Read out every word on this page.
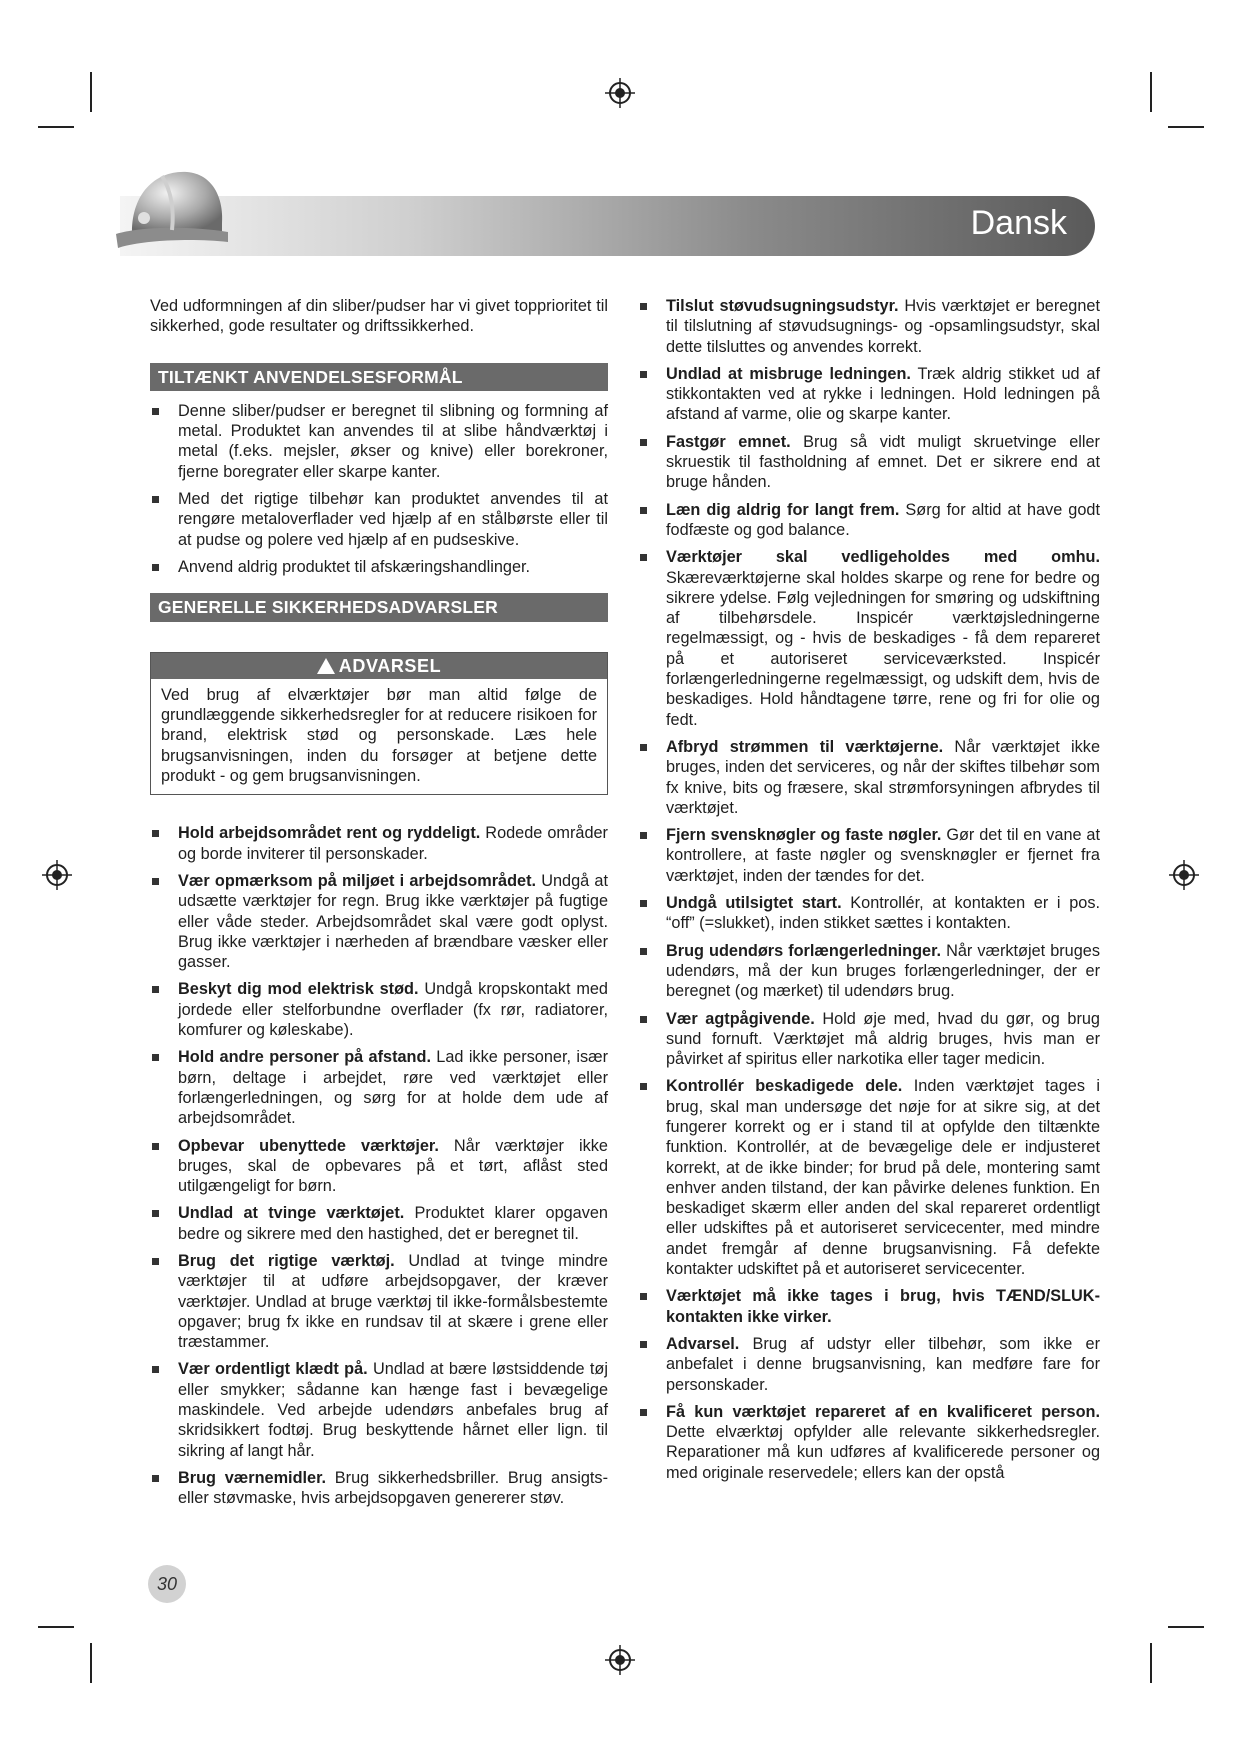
Dansk

Ved udformningen af din sliber/pudser har vi givet topprioritet til sikkerhed, gode resultater og driftssikkerhed.

TILTÆNKT ANVENDELSESFORMÅL
Denne sliber/pudser er beregnet til slibning og formning af metal. Produktet kan anvendes til at slibe håndværktøj i metal (f.eks. mejsler, økser og knive) eller borekroner, fjerne boregrater eller skarpe kanter.
Med det rigtige tilbehør kan produktet anvendes til at rengøre metaloverflader ved hjælp af en stålbørste eller til at pudse og polere ved hjælp af en pudseskive.
Anvend aldrig produktet til afskæringshandlinger.
GENERELLE SIKKERHEDSADVARSLER
ADVARSEL
Ved brug af elværktøjer bør man altid følge de grundlæggende sikkerhedsregler for at reducere risikoen for brand, elektrisk stød og personskade. Læs hele brugsanvisningen, inden du forsøger at betjene dette produkt - og gem brugsanvisningen.
Hold arbejdsområdet rent og ryddeligt. Rodede områder og borde inviterer til personskader.
Vær opmærksom på miljøet i arbejdsområdet. Undgå at udsætte værktøjer for regn. Brug ikke værktøjer på fugtige eller våde steder. Arbejdsområdet skal være godt oplyst. Brug ikke værktøjer i nærheden af brændbare væsker eller gasser.
Beskyt dig mod elektrisk stød. Undgå kropskontakt med jordede eller stelforbundne overflader (fx rør, radiatorer, komfurer og køleskabe).
Hold andre personer på afstand. Lad ikke personer, især børn, deltage i arbejdet, røre ved værktøjet eller forlængerledningen, og sørg for at holde dem ude af arbejdsområdet.
Opbevar ubenyttede værktøjer. Når værktøjer ikke bruges, skal de opbevares på et tørt, aflåst sted utilgængeligt for børn.
Undlad at tvinge værktøjet. Produktet klarer opgaven bedre og sikrere med den hastighed, det er beregnet til.
Brug det rigtige værktøj. Undlad at tvinge mindre værktøjer til at udføre arbejdsopgaver, der kræver værktøjer. Undlad at bruge værktøj til ikke-formålsbestemte opgaver; brug fx ikke en rundsav til at skære i grene eller træstammer.
Vær ordentligt klædt på. Undlad at bære løstsiddende tøj eller smykker; sådanne kan hænge fast i bevægelige maskindele. Ved arbejde udendørs anbefales brug af skridsikkert fodtøj. Brug beskyttende hårnet eller lign. til sikring af langt hår.
Brug værnemidler. Brug sikkerhedsbriller. Brug ansigts- eller støvmaske, hvis arbejdsopgaven genererer støv.
Tilslut støvudsugningsudstyr. Hvis værktøjet er beregnet til tilslutning af støvudsugnings- og -opsamlingsudstyr, skal dette tilsluttes og anvendes korrekt.
Undlad at misbruge ledningen. Træk aldrig stikket ud af stikkontakten ved at rykke i ledningen. Hold ledningen på afstand af varme, olie og skarpe kanter.
Fastgør emnet. Brug så vidt muligt skruetvinge eller skruestik til fastholdning af emnet. Det er sikrere end at bruge hånden.
Læn dig aldrig for langt frem. Sørg for altid at have godt fodfæste og god balance.
Værktøjer skal vedligeholdes med omhu. Skæreværktøjerne skal holdes skarpe og rene for bedre og sikrere ydelse. Følg vejledningen for smøring og udskiftning af tilbehørsdele. Inspicér værktøjsledningerne regelmæssigt, og - hvis de beskadiges - få dem repareret på et autoriseret serviceværksted. Inspicér forlængerledningerne regelmæssigt, og udskift dem, hvis de beskadiges. Hold håndtagene tørre, rene og fri for olie og fedt.
Afbryd strømmen til værktøjerne. Når værktøjet ikke bruges, inden det serviceres, og når der skiftes tilbehør som fx knive, bits og fræsere, skal strømforsyningen afbrydes til værktøjet.
Fjern svensknøgler og faste nøgler. Gør det til en vane at kontrollere, at faste nøgler og svensknøgler er fjernet fra værktøjet, inden der tændes for det.
Undgå utilsigtet start. Kontrollér, at kontakten er i pos. “off” (=slukket), inden stikket sættes i kontakten.
Brug udendørs forlængerledninger. Når værktøjet bruges udendørs, må der kun bruges forlængerledninger, der er beregnet (og mærket) til udendørs brug.
Vær agtpågivende. Hold øje med, hvad du gør, og brug sund fornuft. Værktøjet må aldrig bruges, hvis man er påvirket af spiritus eller narkotika eller tager medicin.
Kontrollér beskadigede dele. Inden værktøjet tages i brug, skal man undersøge det nøje for at sikre sig, at det fungerer korrekt og er i stand til at opfylde den tiltænkte funktion. Kontrollér, at de bevægelige dele er indjusteret korrekt, at de ikke binder; for brud på dele, montering samt enhver anden tilstand, der kan påvirke delenes funktion. En beskadiget skærm eller anden del skal repareret ordentligt eller udskiftes på et autoriseret servicecenter, med mindre andet fremgår af denne brugsanvisning. Få defekte kontakter udskiftet på et autoriseret servicecenter.
Værktøjet må ikke tages i brug, hvis TÆND/SLUK-kontakten ikke virker.
Advarsel. Brug af udstyr eller tilbehør, som ikke er anbefalet i denne brugsanvisning, kan medføre fare for personskader.
Få kun værktøjet repareret af en kvalificeret person. Dette elværktøj opfylder alle relevante sikkerhedsregler. Reparationer må kun udføres af kvalificerede personer og med originale reservedele; ellers kan der opstå
30
